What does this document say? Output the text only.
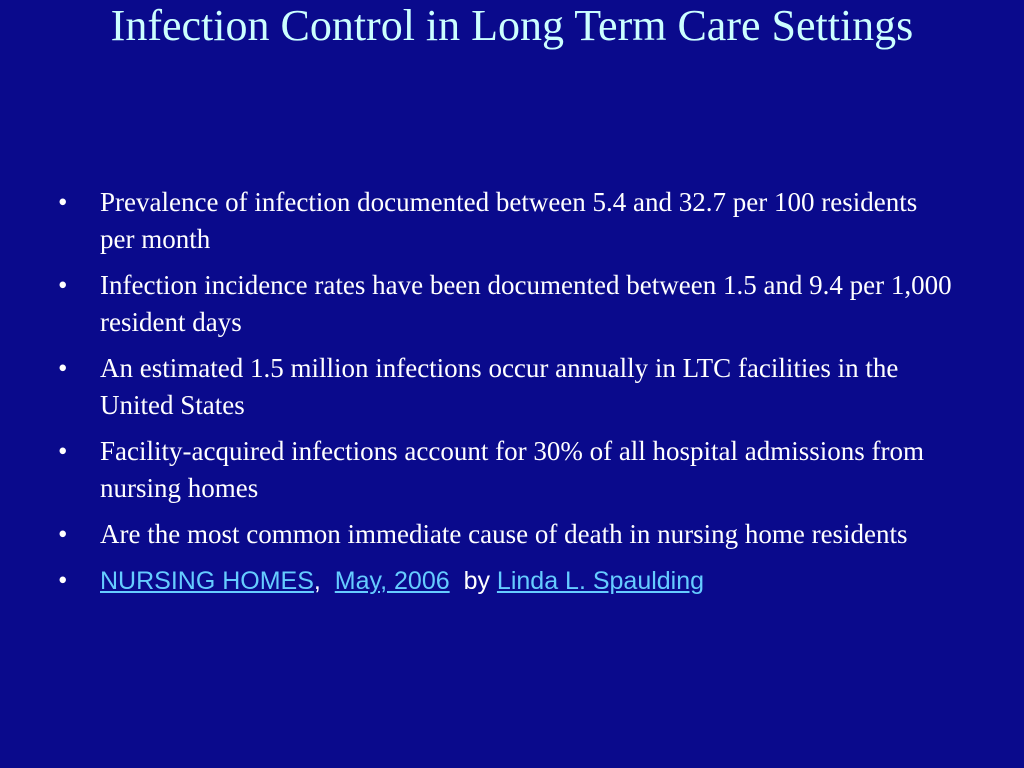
Infection Control in Long Term Care Settings
• Prevalence of infection documented between 5.4 and 32.7 per 100 residents per month
• Infection incidence rates have been documented between 1.5 and 9.4 per 1,000 resident days
• An estimated 1.5 million infections occur annually in LTC facilities in the United States
• Facility-acquired infections account for 30% of all hospital admissions from nursing homes
• Are the most common immediate cause of death in nursing home residents
• NURSING HOMES, May, 2006 by Linda L. Spaulding
